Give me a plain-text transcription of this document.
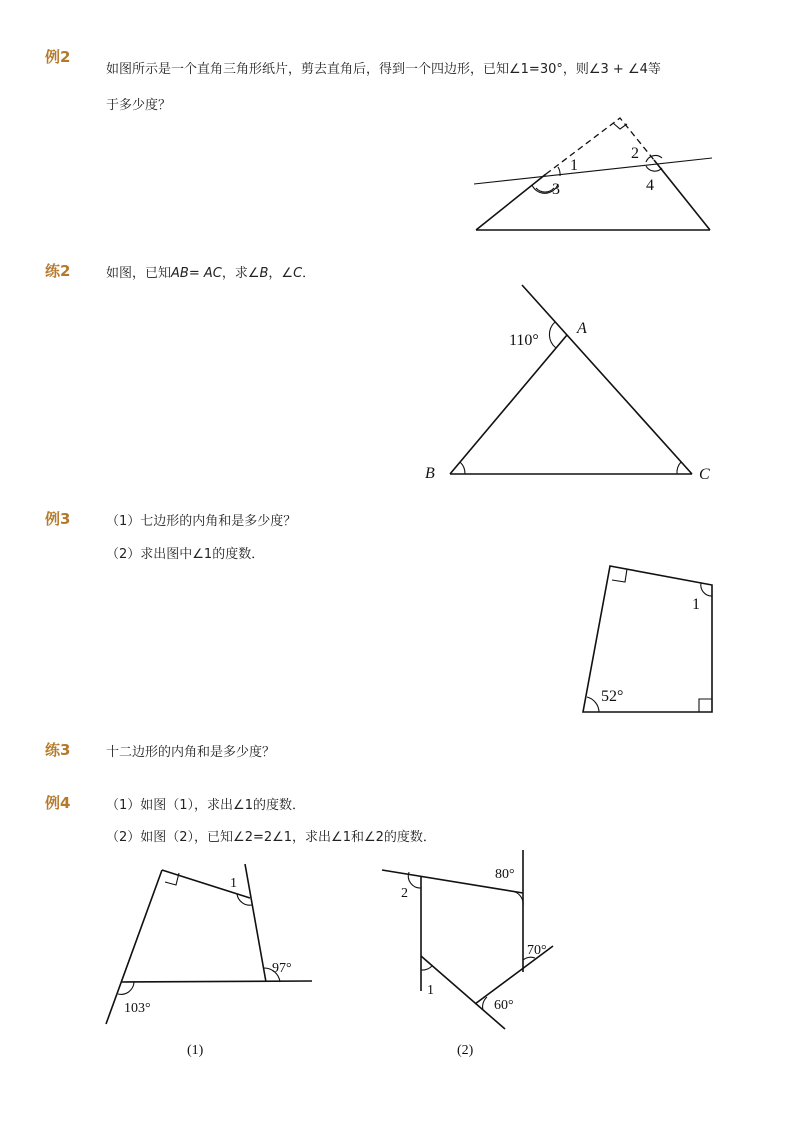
例2
如图所示是一个直角三角形纸片，剪去直角后，得到一个四边形，已知∠1=30°，则∠3 + ∠4等
于多少度？
1
2
3	4
练2	如图，已知AB= AC，求∠B，∠C．
110°
A
B	C
例3	（1）七边形的内角和是多少度？
（2）求出图中∠1的度数．
1
52°
练3	十二边形的内角和是多少度？
例4	（1）如图（1），求出∠1的度数．
（2）如图（2），已知∠2=2∠1，求出∠1和∠2的度数．
1
97°
103°
(1)
2
80°
70°
1
60°
(2)
